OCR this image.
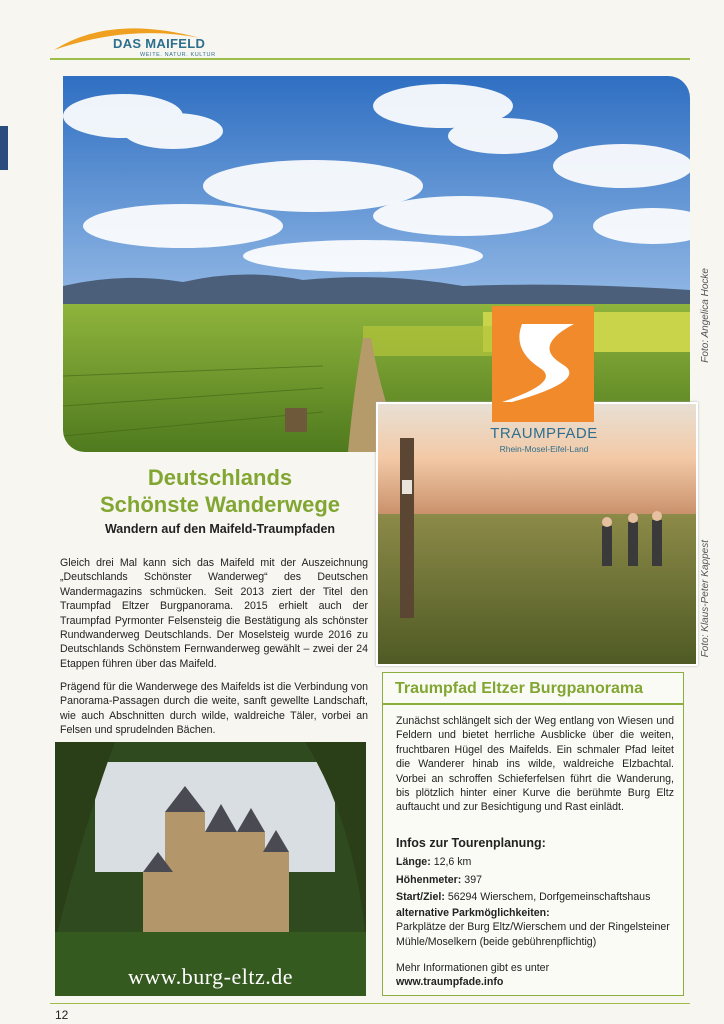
DAS MAIFELD
WEITE. NATUR. KULTUR
Foto: Angelica Hocke
Foto: Klaus-Peter Kappest
TRAUMPFADE
Rhein-Mosel-Eifel-Land
Deutschlands
Schönste Wanderwege
Wandern auf den Maifeld-Traumpfaden
Gleich drei Mal kann sich das Maifeld mit der Auszeichnung „Deutschlands Schönster Wanderweg“ des Deutschen Wandermagazins schmücken. Seit 2013 ziert der Titel den Traumpfad Eltzer Burgpanorama. 2015 erhielt auch der Traumpfad Pyrmonter Felsensteig die Bestätigung als schönster Rundwanderweg Deutschlands. Der Moselsteig wurde 2016 zu Deutschlands Schönstem Fernwanderweg gewählt – zwei der 24 Etappen führen über das Maifeld.
Prägend für die Wanderwege des Maifelds ist die Verbindung von Panorama-Passagen durch die weite, sanft gewellte Landschaft, wie auch Abschnitten durch wilde, waldreiche Täler, vorbei an Felsen und sprudelnden Bächen.
www.burg-eltz.de
Traumpfad Eltzer Burgpanorama
Zunächst schlängelt sich der Weg entlang von Wiesen und Feldern und bietet herrliche Ausblicke über die weiten, fruchtbaren Hügel des Maifelds. Ein schmaler Pfad leitet die Wanderer hinab ins wilde, waldreiche Elzbachtal. Vorbei an schroffen Schieferfelsen führt die Wanderung, bis plötzlich hinter einer Kurve die berühmte Burg Eltz auftaucht und zur Besichtigung und Rast einlädt.
Infos zur Tourenplanung:
Länge: 12,6 km
Höhenmeter: 397
Start/Ziel: 56294 Wierschem, Dorfgemeinschaftshaus
alternative Parkmöglichkeiten:
Parkplätze der Burg Eltz/Wierschem und der Ringelsteiner Mühle/Moselkern (beide gebührenpflichtig)
Mehr Informationen gibt es unter
www.traumpfade.info
12
